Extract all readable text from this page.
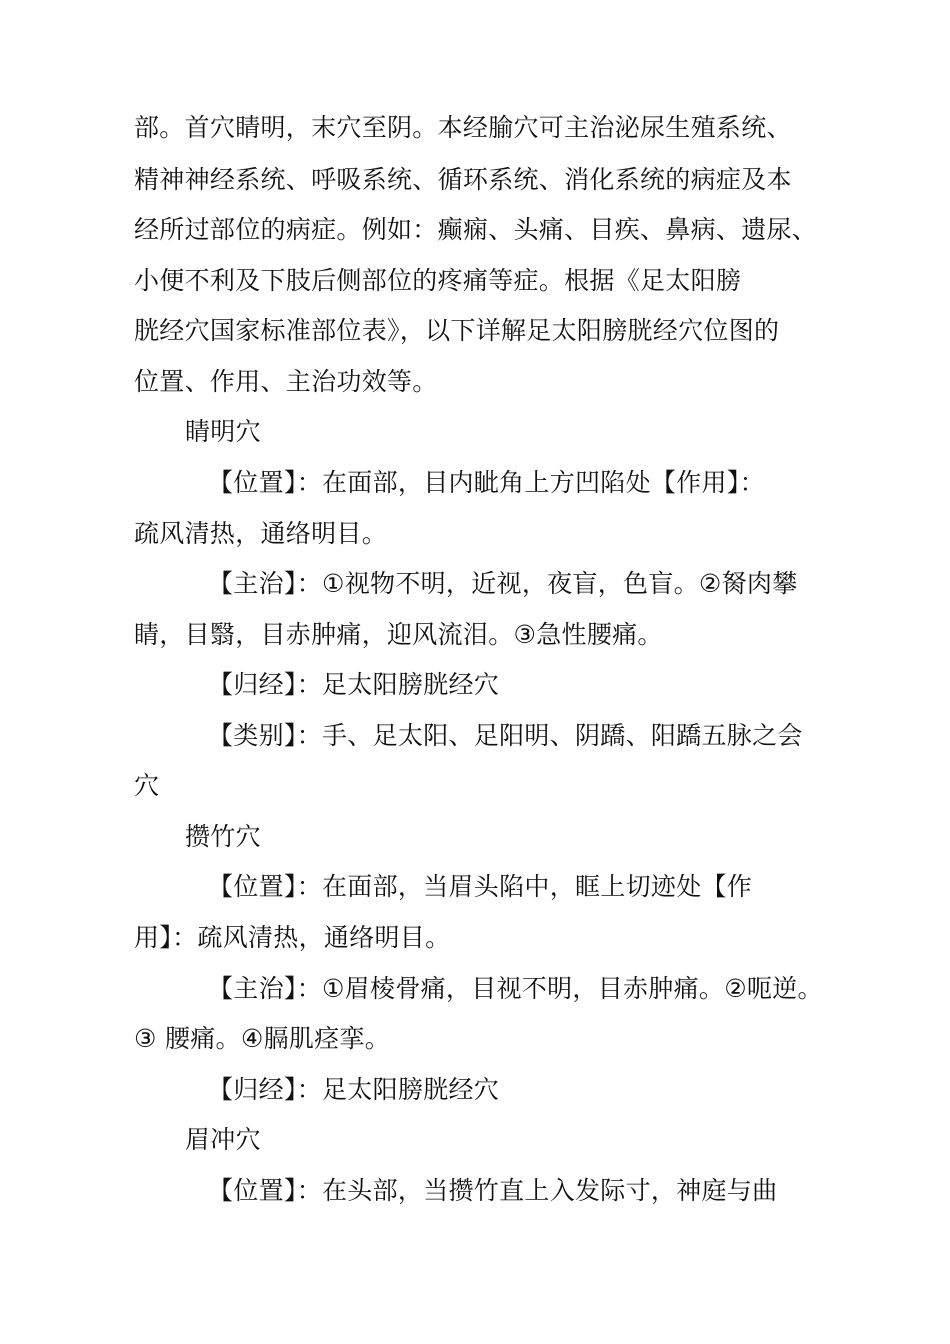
部。首穴睛明，末穴至阴。本经腧穴可主治泌尿生殖系统、
精神神经系统、呼吸系统、循环系统、消化系统的病症及本
经所过部位的病症。例如：癫痫、头痛、目疾、鼻病、遗尿、
小便不利及下肢后侧部位的疼痛等症。根据《足太阳膀
胱经穴国家标准部位表》，以下详解足太阳膀胱经穴位图的
位置、作用、主治功效等。
睛明穴
【位置】：在面部，目内眦角上方凹陷处【作用】：
疏风清热，通络明目。
【主治】：①视物不明，近视，夜盲，色盲。②胬肉攀
睛，目翳，目赤肿痛，迎风流泪。③急性腰痛。
【归经】：足太阳膀胱经穴
【类别】：手、足太阳、足阳明、阴蹻、阳蹻五脉之会
穴
攒竹穴
【位置】：在面部，当眉头陷中，眶上切迹处【作
用】：疏风清热，通络明目。
【主治】：①眉棱骨痛，目视不明，目赤肿痛。②呃逆。
③ 腰痛。④膈肌痉挛。
【归经】：足太阳膀胱经穴
眉冲穴
【位置】：在头部，当攒竹直上入发际寸，神庭与曲
